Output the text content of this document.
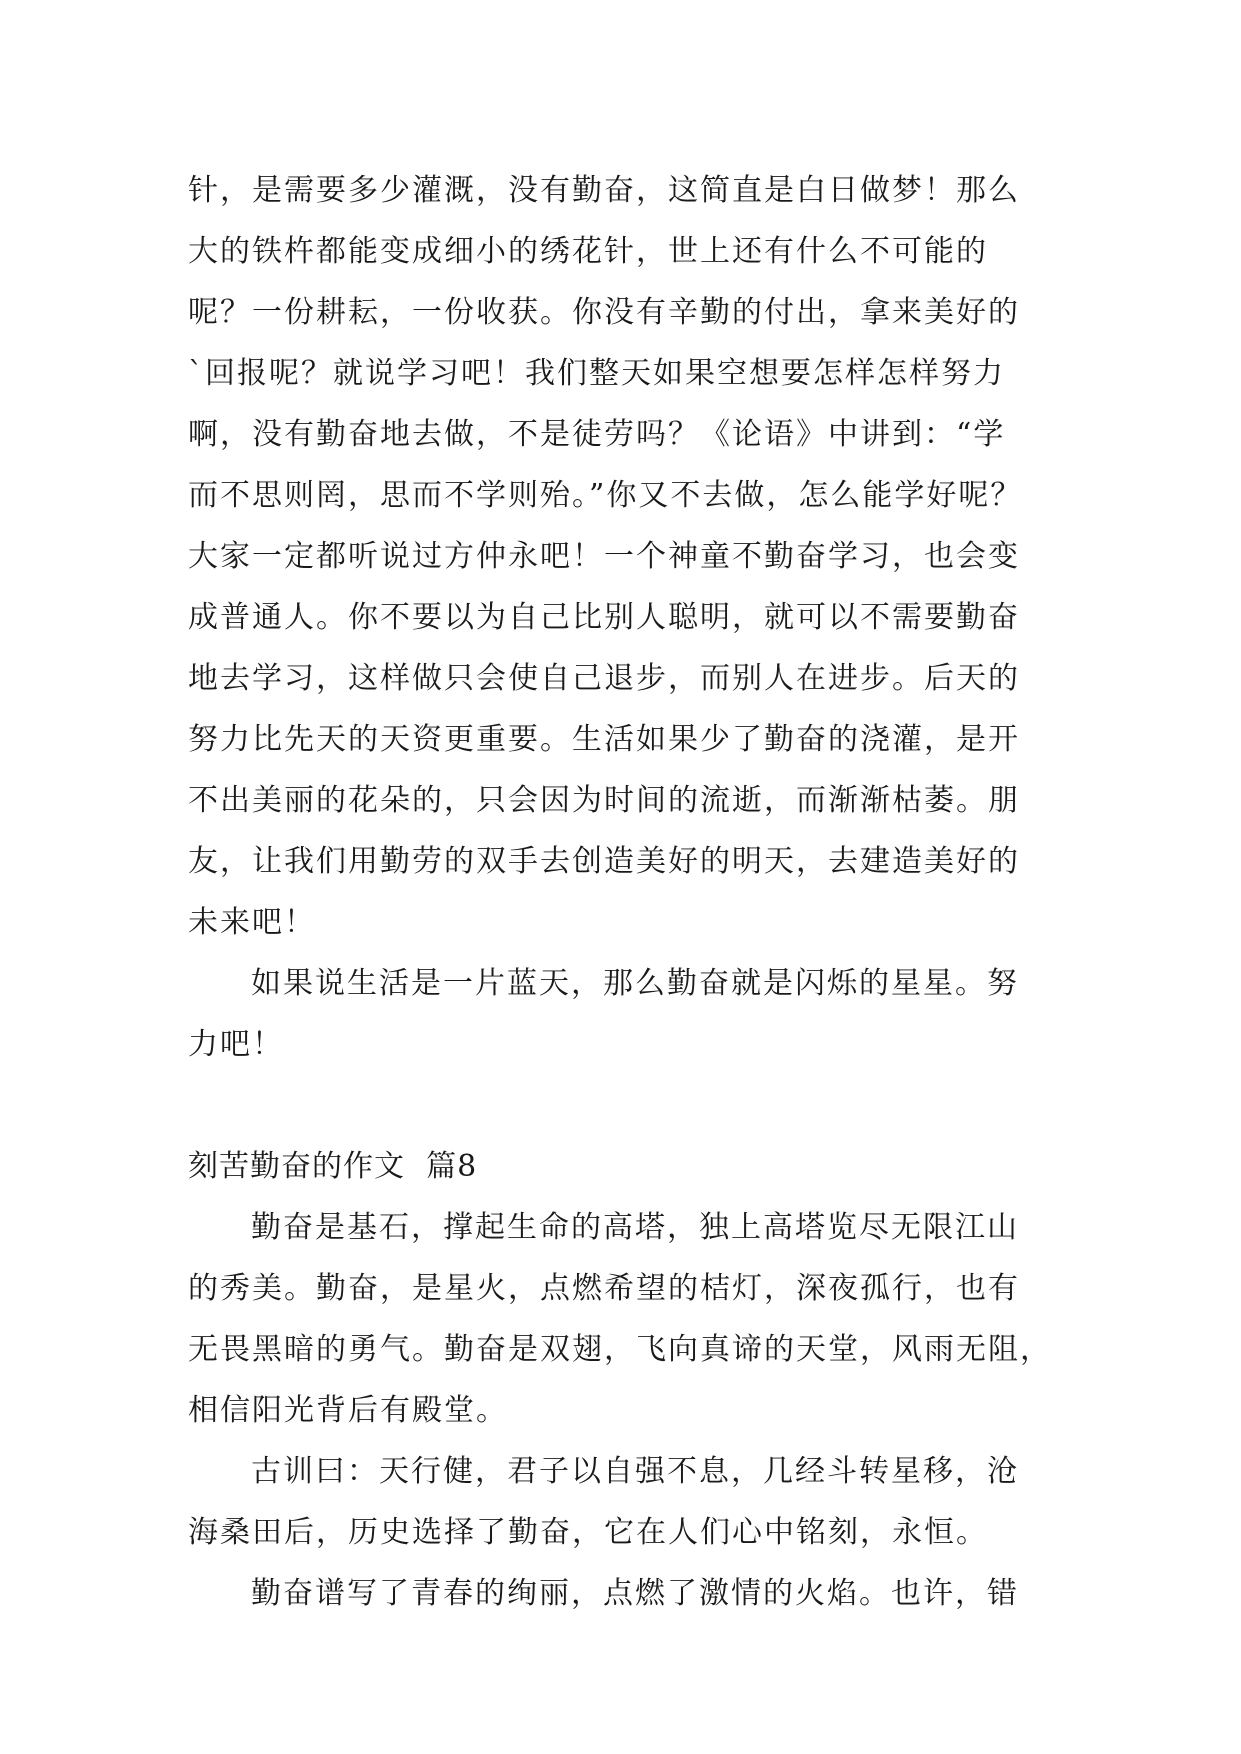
针，是需要多少灌溉，没有勤奋，这简直是白日做梦！那么
大的铁杵都能变成细小的绣花针，世上还有什么不可能的
呢？一份耕耘，一份收获。你没有辛勤的付出，拿来美好的
`回报呢？就说学习吧！我们整天如果空想要怎样怎样努力
啊，没有勤奋地去做，不是徒劳吗？《论语》中讲到：“学
而不思则罔，思而不学则殆。”你又不去做，怎么能学好呢？
大家一定都听说过方仲永吧！一个神童不勤奋学习，也会变
成普通人。你不要以为自己比别人聪明，就可以不需要勤奋
地去学习，这样做只会使自己退步，而别人在进步。后天的
努力比先天的天资更重要。生活如果少了勤奋的浇灌，是开
不出美丽的花朵的，只会因为时间的流逝，而渐渐枯萎。朋
友，让我们用勤劳的双手去创造美好的明天，去建造美好的
未来吧！
如果说生活是一片蓝天，那么勤奋就是闪烁的星星。努
力吧！
刻苦勤奋的作文  篇8
勤奋是基石，撑起生命的高塔，独上高塔览尽无限江山
的秀美。勤奋，是星火，点燃希望的桔灯，深夜孤行，也有
无畏黑暗的勇气。勤奋是双翅，飞向真谛的天堂，风雨无阻，
相信阳光背后有殿堂。
古训曰：天行健，君子以自强不息，几经斗转星移，沧
海桑田后，历史选择了勤奋，它在人们心中铭刻，永恒。
勤奋谱写了青春的绚丽，点燃了激情的火焰。也许，错
